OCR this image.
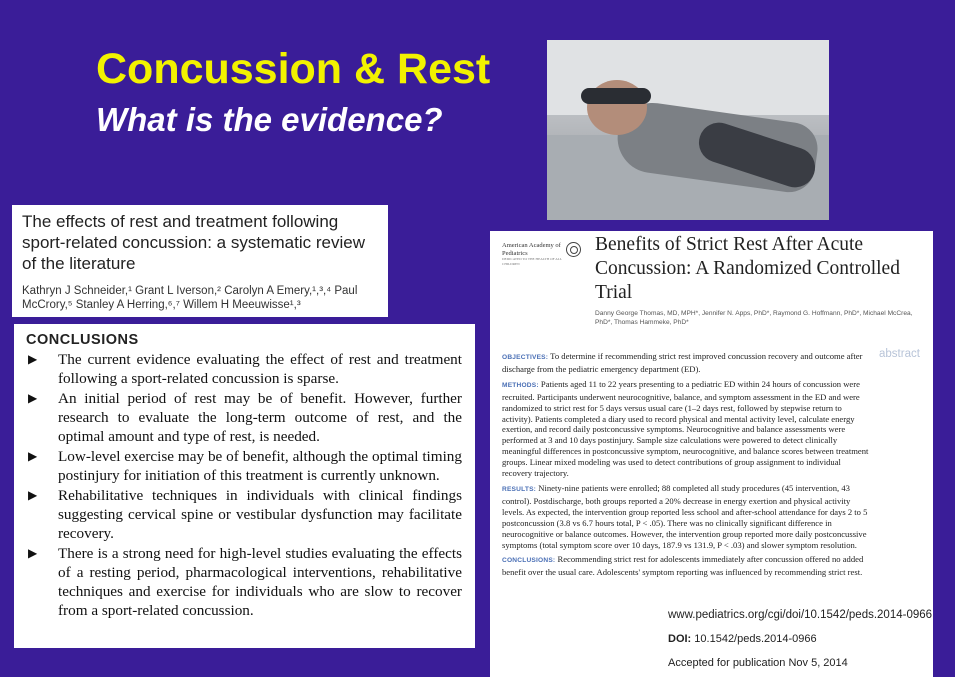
Concussion & Rest
What is the evidence?
The effects of rest and treatment following sport-related concussion: a systematic review of the literature
Kathryn J Schneider,¹ Grant L Iverson,² Carolyn A Emery,¹,³,⁴ Paul McCrory,⁵ Stanley A Herring,⁶,⁷ Willem H Meeuwisse¹,³
CONCLUSIONS
▶ The current evidence evaluating the effect of rest and treatment following a sport-related concussion is sparse.
▶ An initial period of rest may be of benefit. However, further research to evaluate the long-term outcome of rest, and the optimal amount and type of rest, is needed.
▶ Low-level exercise may be of benefit, although the optimal timing postinjury for initiation of this treatment is currently unknown.
▶ Rehabilitative techniques in individuals with clinical findings suggesting cervical spine or vestibular dysfunction may facilitate recovery.
▶ There is a strong need for high-level studies evaluating the effects of a resting period, pharmacological interventions, rehabilitative techniques and exercise for individuals who are slow to recover from a sport-related concussion.
American Academy of Pediatrics
DEDICATED TO THE HEALTH OF ALL CHILDREN
Benefits of Strict Rest After Acute Concussion: A Randomized Controlled Trial
Danny George Thomas, MD, MPH*, Jennifer N. Apps, PhD*, Raymond G. Hoffmann, PhD*, Michael McCrea, PhD*, Thomas Hammeke, PhD*
abstract

OBJECTIVES: To determine if recommending strict rest improved concussion recovery and outcome after discharge from the pediatric emergency department (ED).

METHODS: Patients aged 11 to 22 years presenting to a pediatric ED within 24 hours of concussion were recruited. Participants underwent neurocognitive, balance, and symptom assessment in the ED and were randomized to strict rest for 5 days versus usual care (1–2 days rest, followed by stepwise return to activity). Patients completed a diary used to record physical and mental activity level, calculate energy exertion, and record daily postconcussive symptoms. Neurocognitive and balance assessments were performed at 3 and 10 days postinjury. Sample size calculations were powered to detect clinically meaningful differences in postconcussive symptom, neurocognitive, and balance scores between treatment groups. Linear mixed modeling was used to detect contributions of group assignment to individual recovery trajectory.

RESULTS: Ninety-nine patients were enrolled; 88 completed all study procedures (45 intervention, 43 control). Postdischarge, both groups reported a 20% decrease in energy exertion and physical activity levels. As expected, the intervention group reported less school and after-school attendance for days 2 to 5 postconcussion (3.8 vs 6.7 hours total, P < .05). There was no clinically significant difference in neurocognitive or balance outcomes. However, the intervention group reported more daily postconcussive symptoms (total symptom score over 10 days, 187.9 vs 131.9, P < .03) and slower symptom resolution.

CONCLUSIONS: Recommending strict rest for adolescents immediately after concussion offered no added benefit over the usual care. Adolescents' symptom reporting was influenced by recommending strict rest.

www.pediatrics.org/cgi/doi/10.1542/peds.2014-0966
DOI: 10.1542/peds.2014-0966
Accepted for publication Nov 5, 2014
